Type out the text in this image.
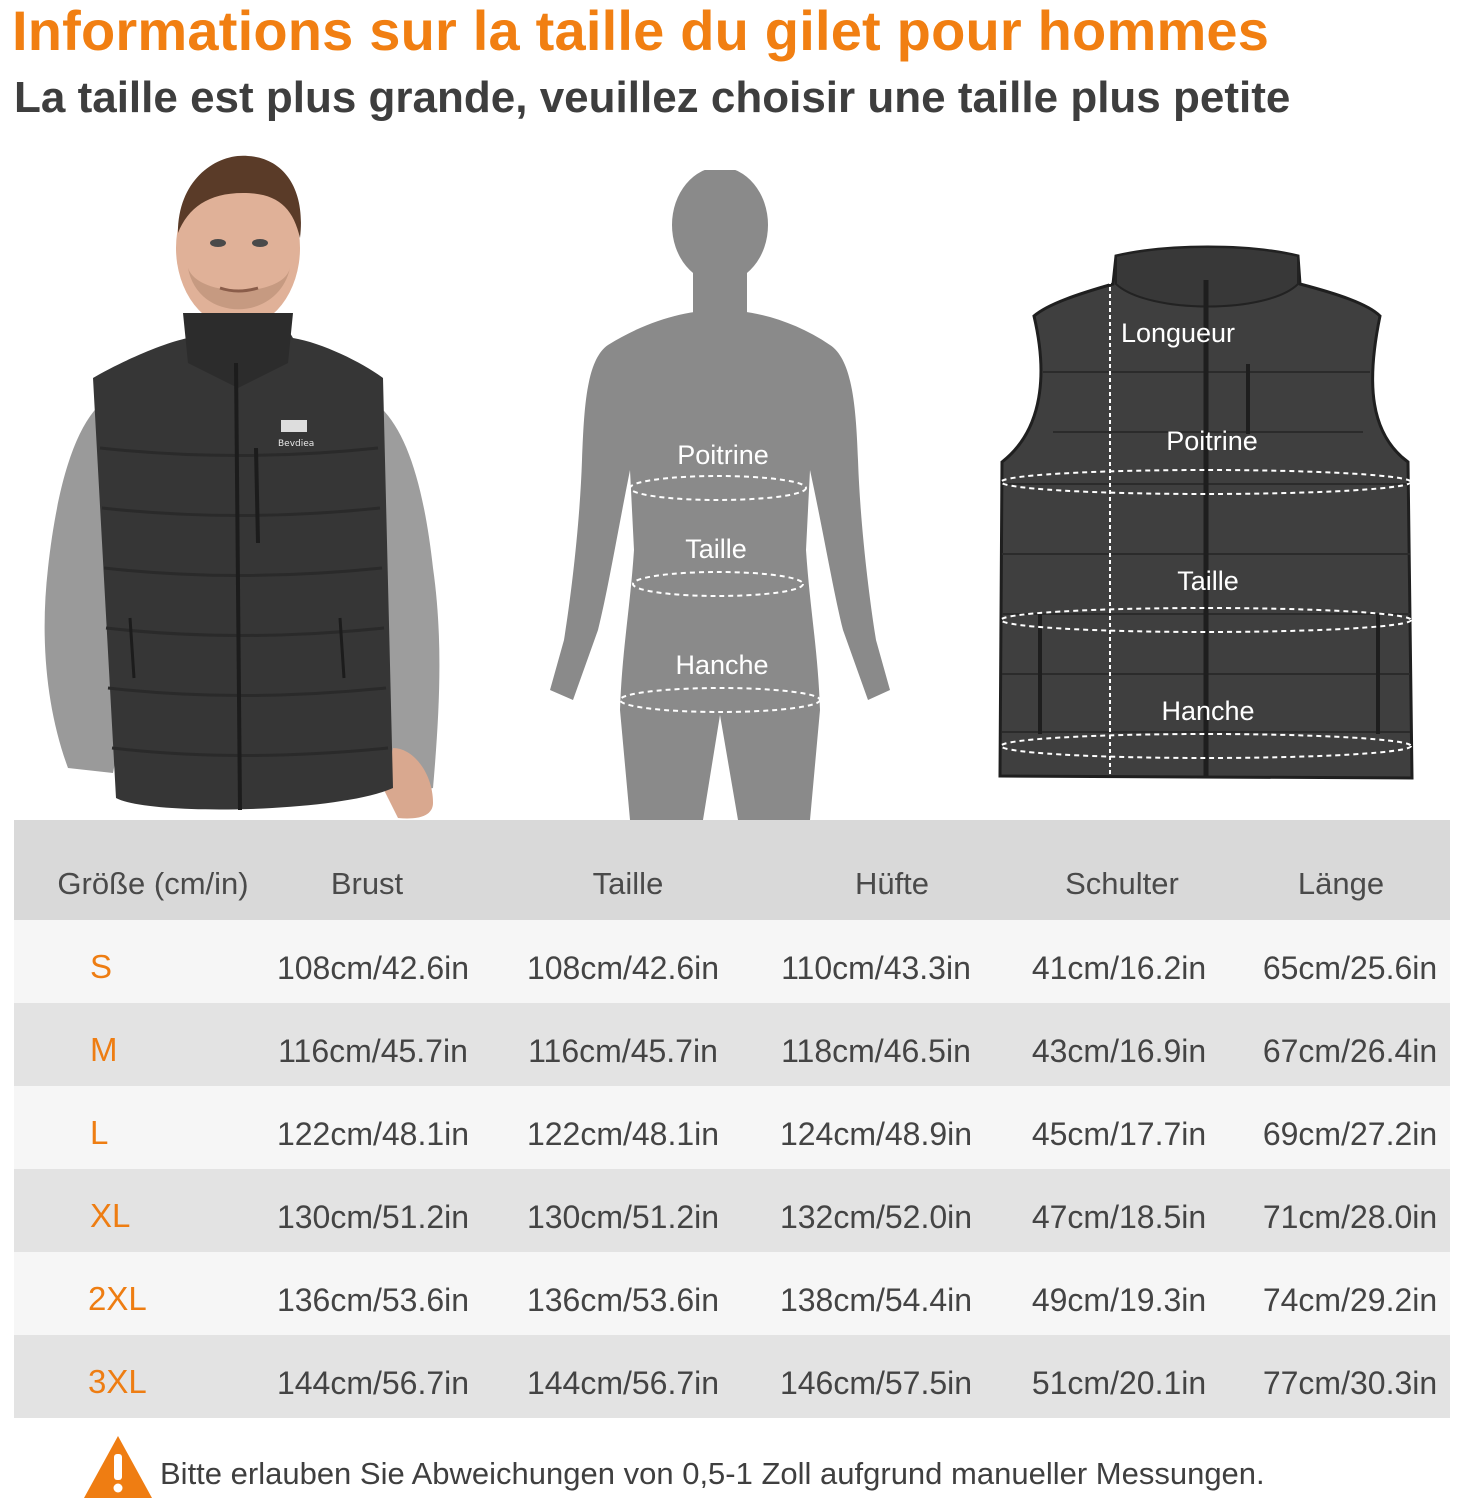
Informations sur la taille du gilet pour hommes
La taille est plus grande, veuillez choisir une taille plus petite
Bevdiea	Poitrine
Taille
Hanche
Longueur
Poitrine
Taille
Hanche
Größe (cm/in)	Brust	Taille	Hüfte	Schulter	Länge
S	108cm/42.6in 108cm/42.6in 110cm/43.3in 41cm/16.2in 65cm/25.6in
M	116cm/45.7in 116cm/45.7in 118cm/46.5in 43cm/16.9in 67cm/26.4in
L	122cm/48.1in 122cm/48.1in 124cm/48.9in 45cm/17.7in 69cm/27.2in
XL	130cm/51.2in 130cm/51.2in 132cm/52.0in 47cm/18.5in 71cm/28.0in
2XL	136cm/53.6in 136cm/53.6in 138cm/54.4in 49cm/19.3in 74cm/29.2in
3XL	144cm/56.7in 144cm/56.7in 146cm/57.5in 51cm/20.1in 77cm/30.3in
Bitte erlauben Sie Abweichungen von 0,5-1 Zoll aufgrund manueller Messungen.
